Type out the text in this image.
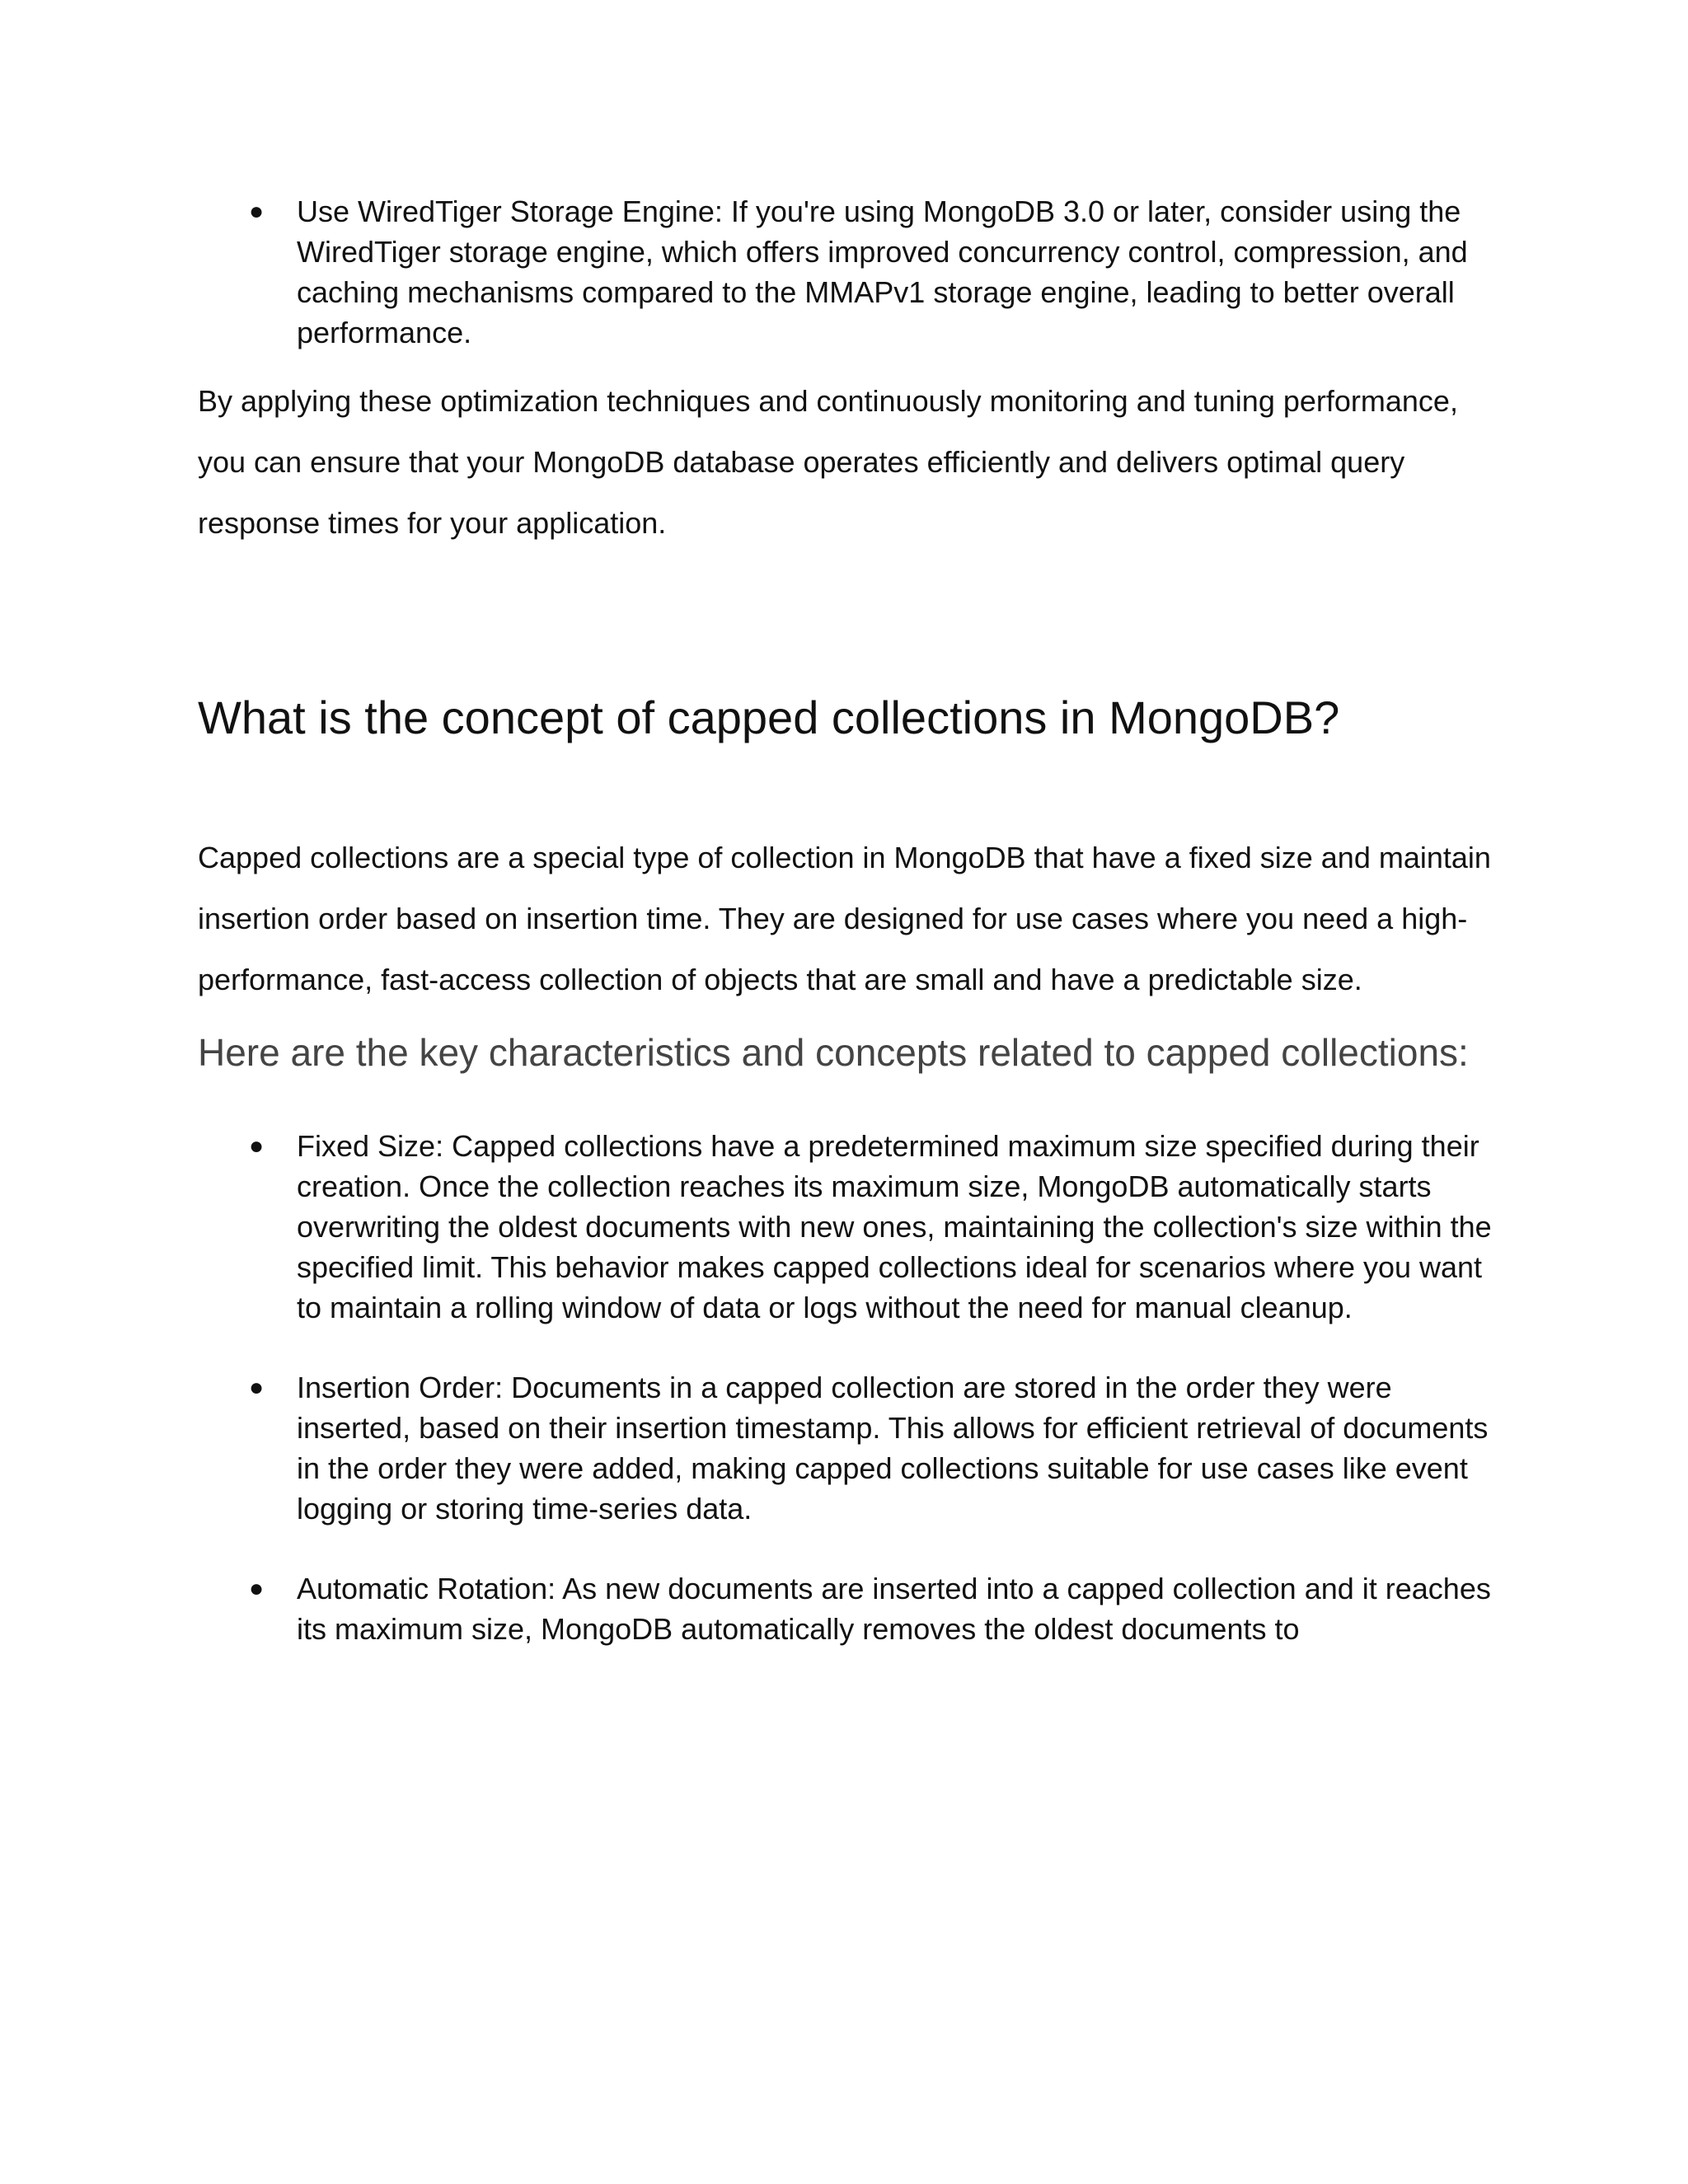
● Use WiredTiger Storage Engine: If you're using MongoDB 3.0 or later, consider using the WiredTiger storage engine, which offers improved concurrency control, compression, and caching mechanisms compared to the MMAPv1 storage engine, leading to better overall performance.

By applying these optimization techniques and continuously monitoring and tuning performance, you can ensure that your MongoDB database operates efficiently and delivers optimal query response times for your application.

What is the concept of capped collections in MongoDB?

Capped collections are a special type of collection in MongoDB that have a fixed size and maintain insertion order based on insertion time. They are designed for use cases where you need a high-performance, fast-access collection of objects that are small and have a predictable size.

Here are the key characteristics and concepts related to capped collections:
● Fixed Size: Capped collections have a predetermined maximum size specified during their creation. Once the collection reaches its maximum size, MongoDB automatically starts overwriting the oldest documents with new ones, maintaining the collection's size within the specified limit. This behavior makes capped collections ideal for scenarios where you want to maintain a rolling window of data or logs without the need for manual cleanup.
● Insertion Order: Documents in a capped collection are stored in the order they were inserted, based on their insertion timestamp. This allows for efficient retrieval of documents in the order they were added, making capped collections suitable for use cases like event logging or storing time-series data.
● Automatic Rotation: As new documents are inserted into a capped collection and it reaches its maximum size, MongoDB automatically removes the oldest documents to
